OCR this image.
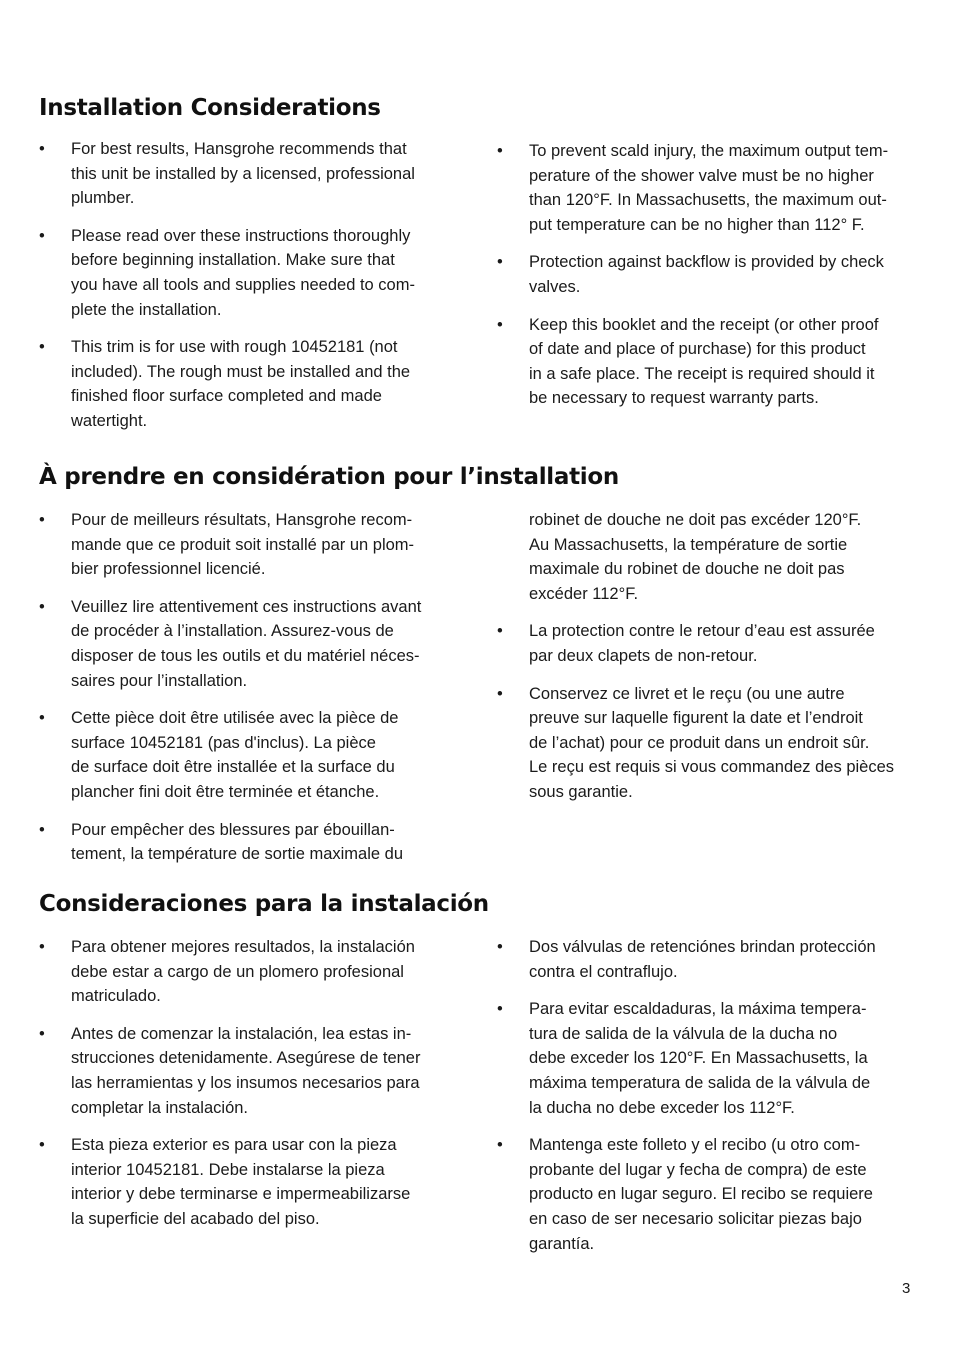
Installation Considerations
• For best results, Hansgrohe recommends that
this unit be installed by a licensed, professional
plumber.
• Please read over these instructions thoroughly
before beginning installation. Make sure that
you have all tools and supplies needed to com-
plete the installation.
• This trim is for use with rough 10452181 (not
included). The rough must be installed and the
finished floor surface completed and made
watertight.
• To prevent scald injury, the maximum output tem-
perature of the shower valve must be no higher
than 120°F. In Massachusetts, the maximum out-
put temperature can be no higher than 112° F.
• Protection against backflow is provided by check
valves.
• Keep this booklet and the receipt (or other proof
of date and place of purchase) for this product
in a safe place. The receipt is required should it
be necessary to request warranty parts.
À prendre en considération pour l’installation
• Pour de meilleurs résultats, Hansgrohe recom-
mande que ce produit soit installé par un plom-
bier professionnel licencié.
• Veuillez lire attentivement ces instructions avant
de procéder à l’installation. Assurez-vous de
disposer de tous les outils et du matériel néces-
saires pour l’installation.
• Cette pièce doit être utilisée avec la pièce de
surface 10452181 (pas d'inclus). La pièce
de surface doit être installée et la surface du
plancher fini doit être terminée et étanche.
• Pour empêcher des blessures par ébouillan-
tement, la température de sortie maximale du
robinet de douche ne doit pas excéder 120°F.
Au Massachusetts, la température de sortie
maximale du robinet de douche ne doit pas
excéder 112°F.
• La protection contre le retour d’eau est assurée
par deux clapets de non-retour.
• Conservez ce livret et le reçu (ou une autre
preuve sur laquelle figurent la date et l’endroit
de l’achat) pour ce produit dans un endroit sûr.
Le reçu est requis si vous commandez des pièces
sous garantie.
Consideraciones para la instalación
• Para obtener mejores resultados, la instalación
debe estar a cargo de un plomero profesional
matriculado.
• Antes de comenzar la instalación, lea estas in-
strucciones detenidamente. Asegúrese de tener
las herramientas y los insumos necesarios para
completar la instalación.
• Esta pieza exterior es para usar con la pieza
interior 10452181. Debe instalarse la pieza
interior y debe terminarse e impermeabilizarse
la superficie del acabado del piso.
• Dos válvulas de retenciónes brindan protección
contra el contraflujo.
• Para evitar escaldaduras, la máxima tempera-
tura de salida de la válvula de la ducha no
debe exceder los 120°F. En Massachusetts, la
máxima temperatura de salida de la válvula de
la ducha no debe exceder los 112°F.
• Mantenga este folleto y el recibo (u otro com-
probante del lugar y fecha de compra) de este
producto en lugar seguro. El recibo se requiere
en caso de ser necesario solicitar piezas bajo
garantía.
3
